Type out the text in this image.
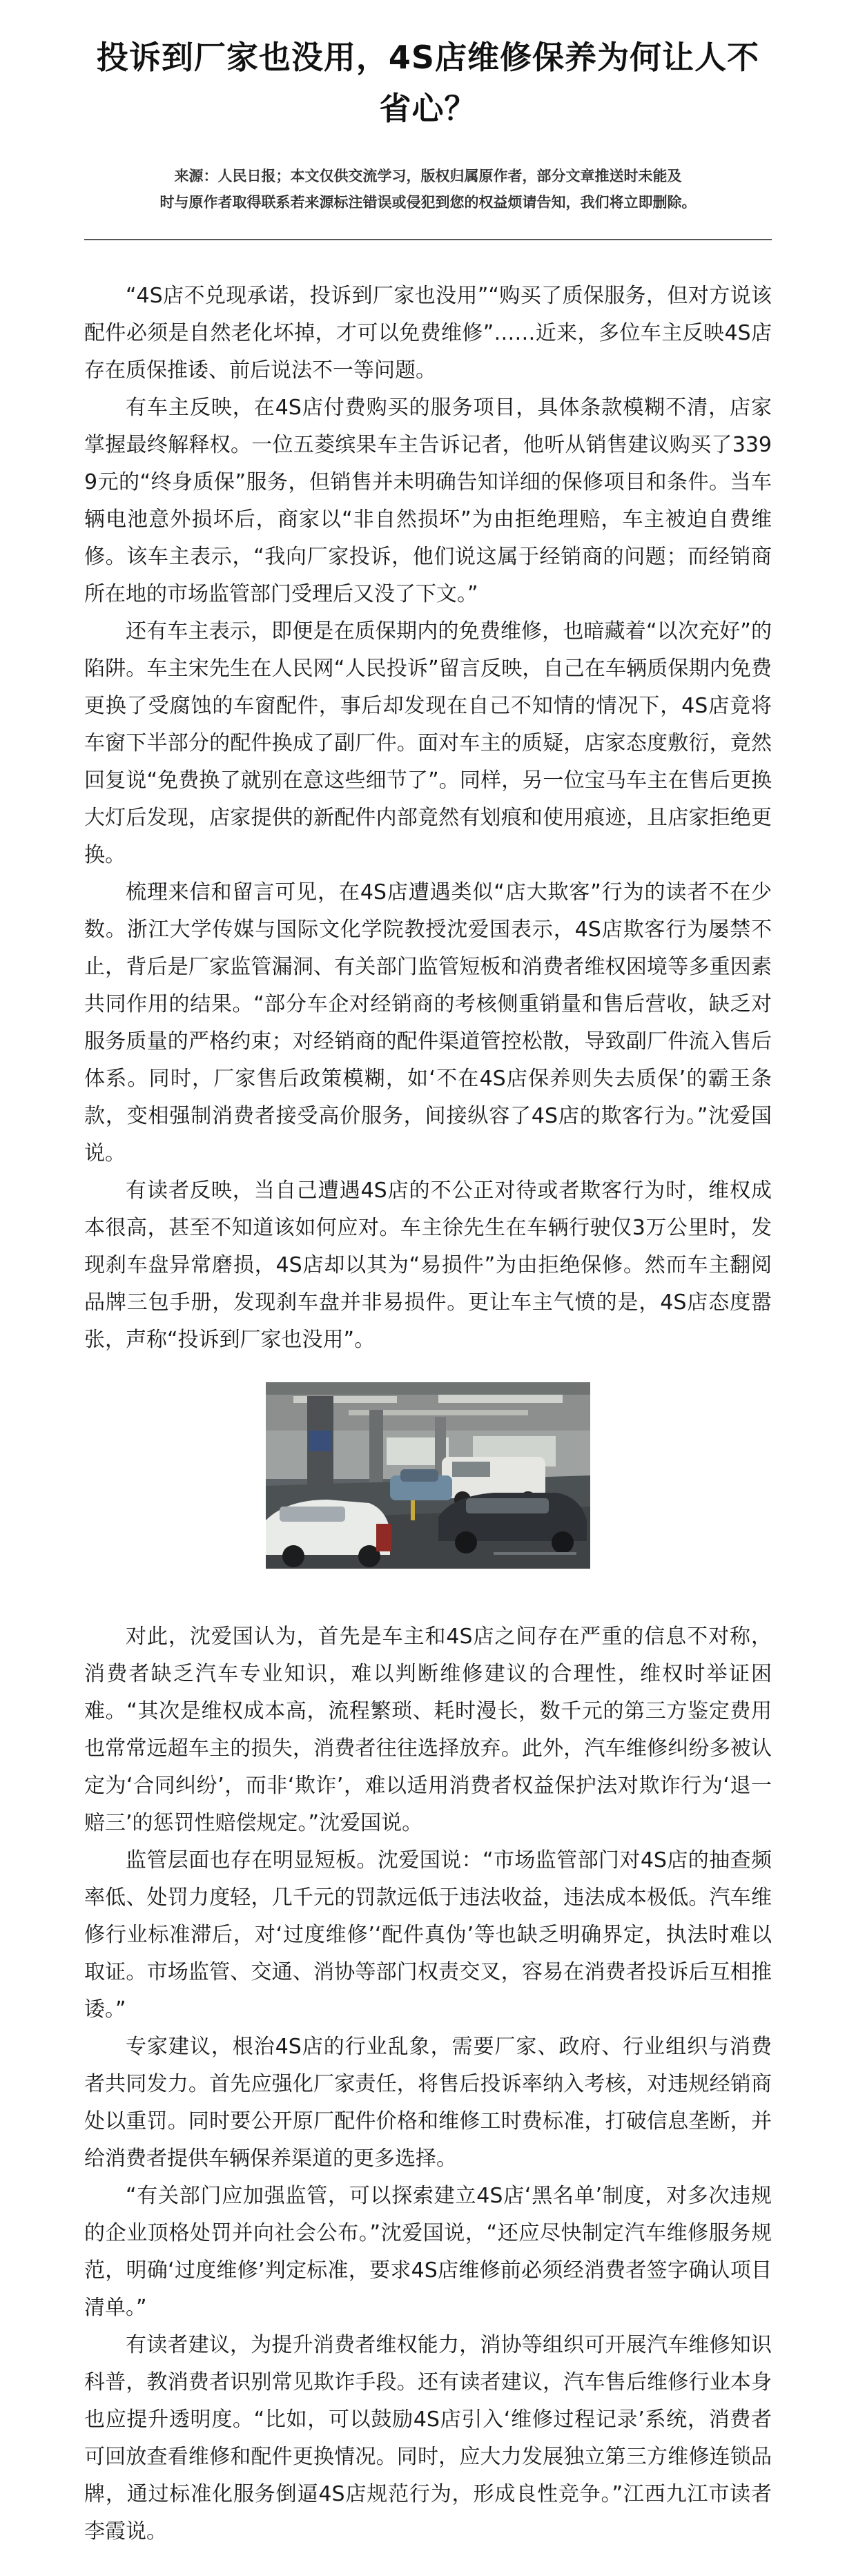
投诉到厂家也没用，4S店维修保养为何让人不省心？
来源：人民日报；本文仅供交流学习，版权归属原作者，部分文章推送时未能及
时与原作者取得联系若来源标注错误或侵犯到您的权益烦请告知，我们将立即删除。

“4S店不兑现承诺，投诉到厂家也没用”“购买了质保服务，但对方说该配件必须是自然老化坏掉，才可以免费维修”……近来，多位车主反映4S店存在质保推诿、前后说法不一等问题。

有车主反映，在4S店付费购买的服务项目，具体条款模糊不清，店家掌握最终解释权。一位五菱缤果车主告诉记者，他听从销售建议购买了3399元的“终身质保”服务，但销售并未明确告知详细的保修项目和条件。当车辆电池意外损坏后，商家以“非自然损坏”为由拒绝理赔，车主被迫自费维修。该车主表示，“我向厂家投诉，他们说这属于经销商的问题；而经销商所在地的市场监管部门受理后又没了下文。”

还有车主表示，即便是在质保期内的免费维修，也暗藏着“以次充好”的陷阱。车主宋先生在人民网“人民投诉”留言反映，自己在车辆质保期内免费更换了受腐蚀的车窗配件，事后却发现在自己不知情的情况下，4S店竟将车窗下半部分的配件换成了副厂件。面对车主的质疑，店家态度敷衍，竟然回复说“免费换了就别在意这些细节了”。同样，另一位宝马车主在售后更换大灯后发现，店家提供的新配件内部竟然有划痕和使用痕迹，且店家拒绝更换。

梳理来信和留言可见，在4S店遭遇类似“店大欺客”行为的读者不在少数。浙江大学传媒与国际文化学院教授沈爱国表示，4S店欺客行为屡禁不止，背后是厂家监管漏洞、有关部门监管短板和消费者维权困境等多重因素共同作用的结果。“部分车企对经销商的考核侧重销量和售后营收，缺乏对服务质量的严格约束；对经销商的配件渠道管控松散，导致副厂件流入售后体系。同时，厂家售后政策模糊，如‘不在4S店保养则失去质保’的霸王条款，变相强制消费者接受高价服务，间接纵容了4S店的欺客行为。”沈爱国说。

有读者反映，当自己遭遇4S店的不公正对待或者欺客行为时，维权成本很高，甚至不知道该如何应对。车主徐先生在车辆行驶仅3万公里时，发现刹车盘异常磨损，4S店却以其为“易损件”为由拒绝保修。然而车主翻阅品牌三包手册，发现刹车盘并非易损件。更让车主气愤的是，4S店态度嚣张，声称“投诉到厂家也没用”。

对此，沈爱国认为，首先是车主和4S店之间存在严重的信息不对称，消费者缺乏汽车专业知识，难以判断维修建议的合理性，维权时举证困难。“其次是维权成本高，流程繁琐、耗时漫长，数千元的第三方鉴定费用也常常远超车主的损失，消费者往往选择放弃。此外，汽车维修纠纷多被认定为‘合同纠纷’，而非‘欺诈’，难以适用消费者权益保护法对欺诈行为‘退一赔三’的惩罚性赔偿规定。”沈爱国说。

监管层面也存在明显短板。沈爱国说：“市场监管部门对4S店的抽查频率低、处罚力度轻，几千元的罚款远低于违法收益，违法成本极低。汽车维修行业标准滞后，对‘过度维修’‘配件真伪’等也缺乏明确界定，执法时难以取证。市场监管、交通、消协等部门权责交叉，容易在消费者投诉后互相推诿。”

专家建议，根治4S店的行业乱象，需要厂家、政府、行业组织与消费者共同发力。首先应强化厂家责任，将售后投诉率纳入考核，对违规经销商处以重罚。同时要公开原厂配件价格和维修工时费标准，打破信息垄断，并给消费者提供车辆保养渠道的更多选择。

“有关部门应加强监管，可以探索建立4S店‘黑名单’制度，对多次违规的企业顶格处罚并向社会公布。”沈爱国说，“还应尽快制定汽车维修服务规范，明确‘过度维修’判定标准，要求4S店维修前必须经消费者签字确认项目清单。”

有读者建议，为提升消费者维权能力，消协等组织可开展汽车维修知识科普，教消费者识别常见欺诈手段。还有读者建议，汽车售后维修行业本身也应提升透明度。“比如，可以鼓励4S店引入‘维修过程记录’系统，消费者可回放查看维修和配件更换情况。同时，应大力发展独立第三方维修连锁品牌，通过标准化服务倒逼4S店规范行为，形成良性竞争。”江西九江市读者李霞说。
